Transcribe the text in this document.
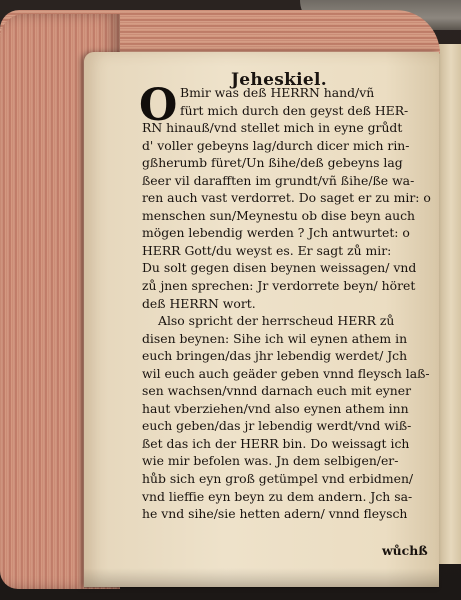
Jeheskiel.
O Bmir was deß HERRN hand/vñ
fürt mich durch den geyst deß HER-
RN hinauß/vnd stellet mich in eyne grůdt
d' voller gebeyns lag/durch dicer mich rin-
gßherumb füret/Un ßihe/deß gebeyns lag
ßeer vil darafften im grundt/vñ ßihe/ße wa-
ren auch vast verdorret. Do saget er zu mir: o
menschen sun/Meynestu ob dise beyn auch
mögen lebendig werden ? Jch antwurtet: o
HERR Gott/du weyst es. Er sagt zů mir:
Du solt gegen disen beynen weissagen/ vnd
zů jnen sprechen: Jr verdorrete beyn/ höret
deß HERRN wort.
Also spricht der herrscheud HERR zů
disen beynen: Sihe ich wil eynen athem in
euch bringen/das jhr lebendig werdet/ Jch
wil euch auch geäder geben vnnd fleysch laß-
sen wachsen/vnnd darnach euch mit eyner
haut vberziehen/vnd also eynen athem inn
euch geben/das jr lebendig werdt/vnd wiß-
ßet das ich der HERR bin. Do weissagt ich
wie mir befolen was. Jn dem selbigen/er-
hůb sich eyn groß getümpel vnd erbidmen/
vnd lieffie eyn beyn zu dem andern. Jch sa-
he vnd sihe/sie hetten adern/ vnnd fleysch
wůchß
